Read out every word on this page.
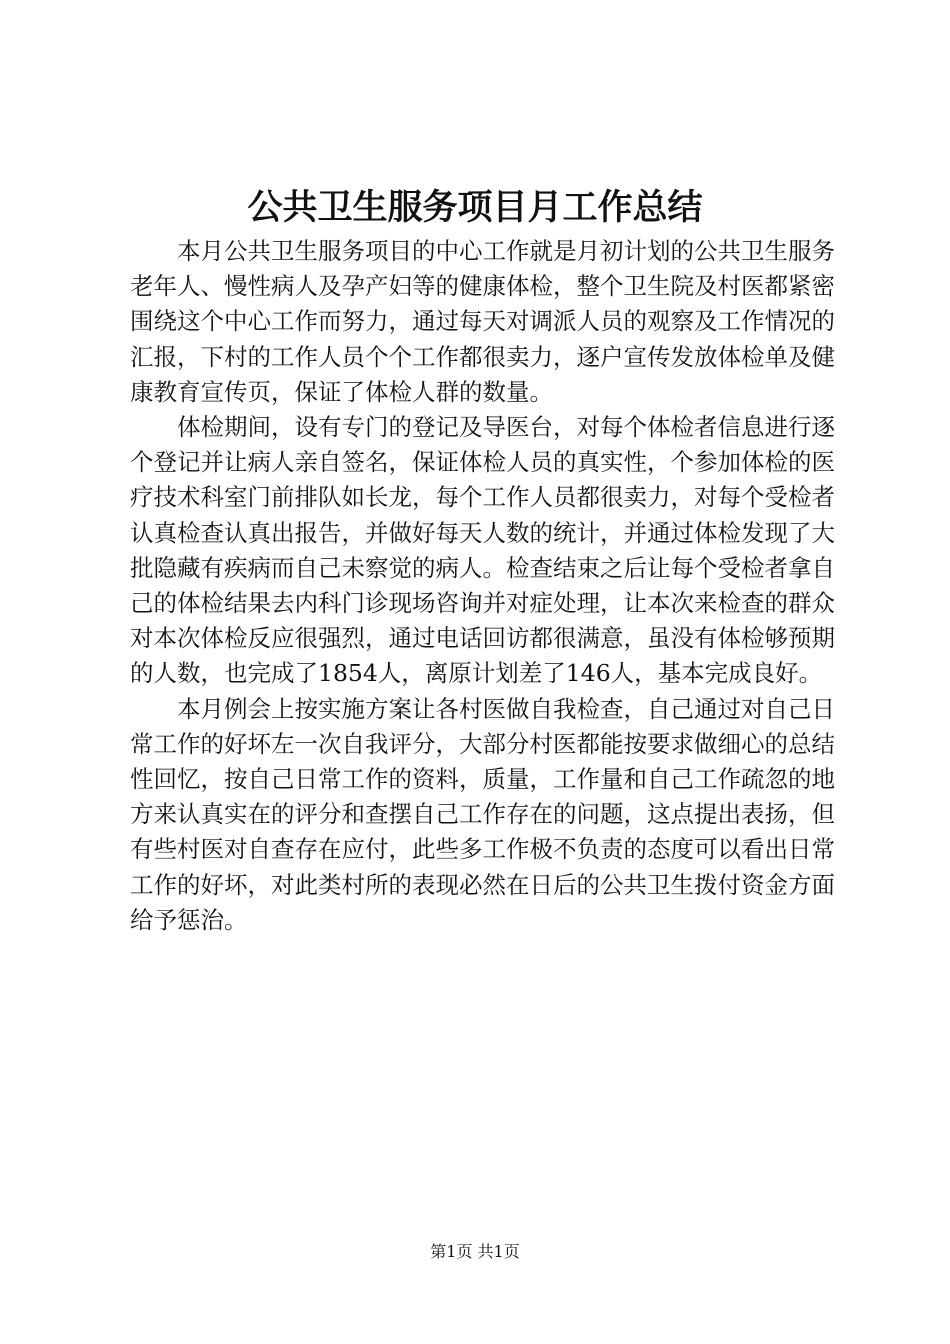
公共卫生服务项目月工作总结

本月公共卫生服务项目的中心工作就是月初计划的公共卫生服务老年人、慢性病人及孕产妇等的健康体检，整个卫生院及村医都紧密围绕这个中心工作而努力，通过每天对调派人员的观察及工作情况的汇报，下村的工作人员个个工作都很卖力，逐户宣传发放体检单及健康教育宣传页，保证了体检人群的数量。

体检期间，设有专门的登记及导医台，对每个体检者信息进行逐个登记并让病人亲自签名，保证体检人员的真实性，个参加体检的医疗技术科室门前排队如长龙，每个工作人员都很卖力，对每个受检者认真检查认真出报告，并做好每天人数的统计，并通过体检发现了大批隐藏有疾病而自己未察觉的病人。检查结束之后让每个受检者拿自己的体检结果去内科门诊现场咨询并对症处理，让本次来检查的群众对本次体检反应很强烈，通过电话回访都很满意，虽没有体检够预期的人数，也完成了1854人，离原计划差了146人，基本完成良好。

本月例会上按实施方案让各村医做自我检查，自己通过对自己日常工作的好坏左一次自我评分，大部分村医都能按要求做细心的总结性回忆，按自己日常工作的资料，质量，工作量和自己工作疏忽的地方来认真实在的评分和查摆自己工作存在的问题，这点提出表扬，但有些村医对自查存在应付，此些多工作极不负责的态度可以看出日常工作的好坏，对此类村所的表现必然在日后的公共卫生拨付资金方面给予惩治。

第1页 共1页
